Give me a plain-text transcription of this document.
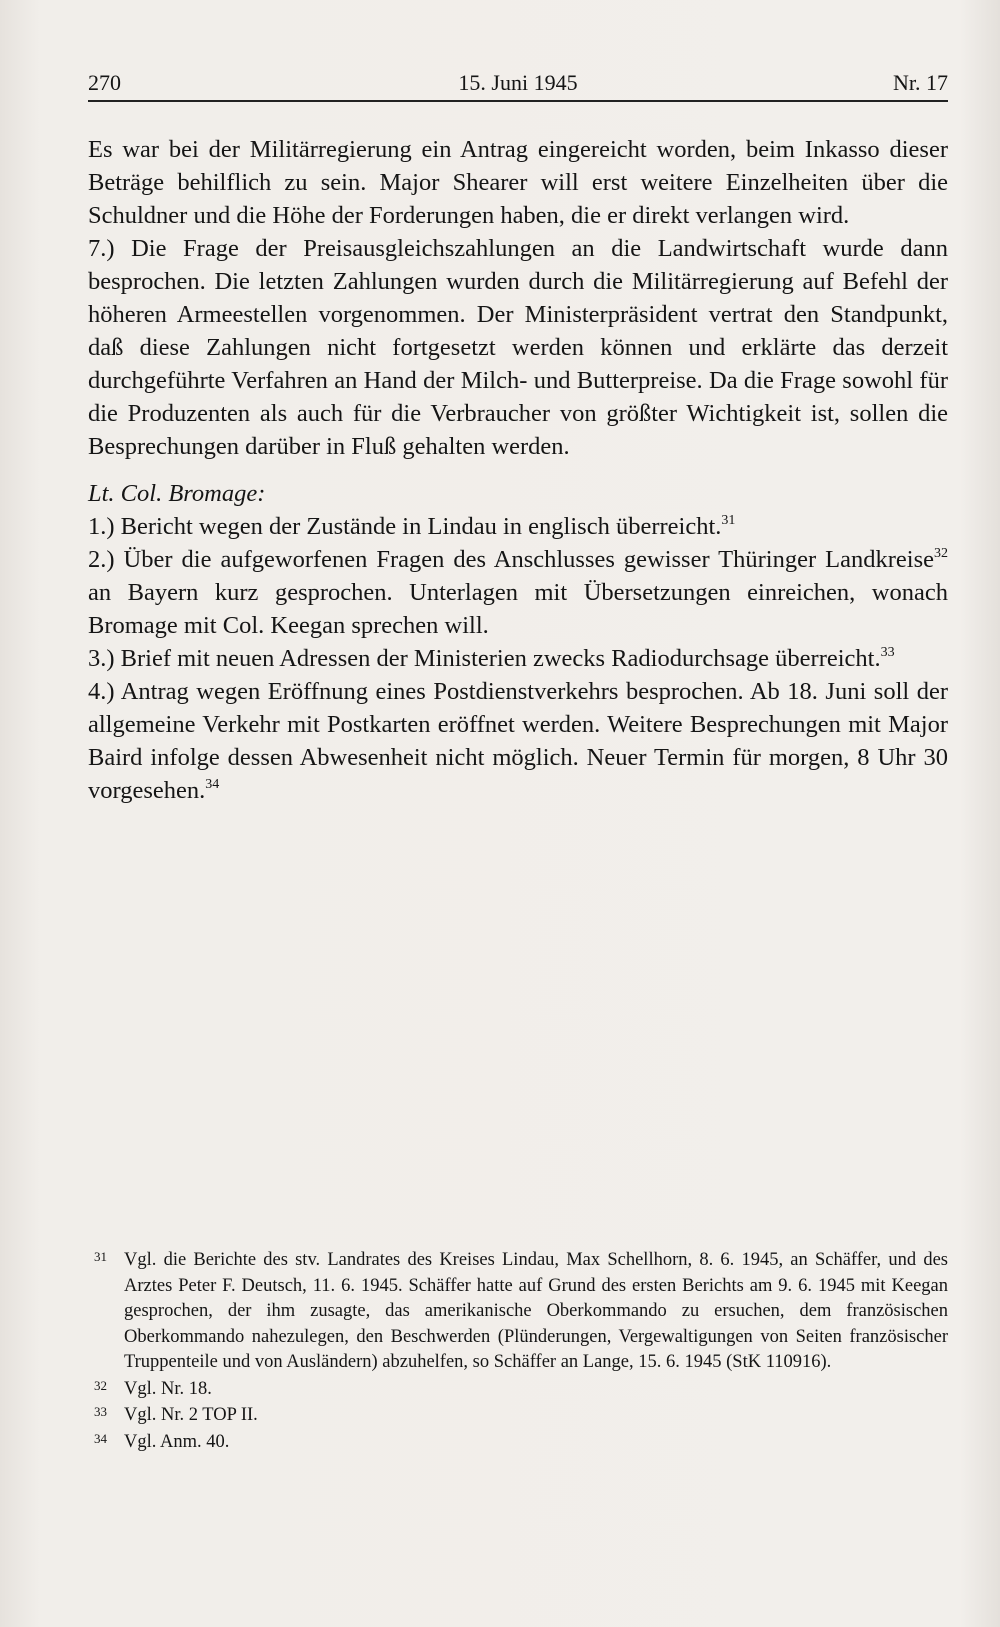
270	15. Juni 1945	Nr. 17

Es war bei der Militärregierung ein Antrag eingereicht worden, beim Inkasso dieser Beträge behilflich zu sein. Major Shearer will erst weitere Einzelheiten über die Schuldner und die Höhe der Forderungen haben, die er direkt verlangen wird.

7.) Die Frage der Preisausgleichszahlungen an die Landwirtschaft wurde dann besprochen. Die letzten Zahlungen wurden durch die Militärregierung auf Befehl der höheren Armeestellen vorgenommen. Der Ministerpräsident vertrat den Standpunkt, daß diese Zahlungen nicht fortgesetzt werden können und erklärte das derzeit durchgeführte Verfahren an Hand der Milch- und Butterpreise. Da die Frage sowohl für die Produzenten als auch für die Verbraucher von größter Wichtigkeit ist, sollen die Besprechungen darüber in Fluß gehalten werden.

Lt. Col. Bromage:

1.) Bericht wegen der Zustände in Lindau in englisch überreicht.$^{31}$

2.) Über die aufgeworfenen Fragen des Anschlusses gewisser Thüringer Landkreise$^{32}$ an Bayern kurz gesprochen. Unterlagen mit Übersetzungen einreichen, wonach Bromage mit Col. Keegan sprechen will.

3.) Brief mit neuen Adressen der Ministerien zwecks Radiodurchsage überreicht.$^{33}$

4.) Antrag wegen Eröffnung eines Postdienstverkehrs besprochen. Ab 18. Juni soll der allgemeine Verkehr mit Postkarten eröffnet werden. Weitere Besprechungen mit Major Baird infolge dessen Abwesenheit nicht möglich. Neuer Termin für morgen, 8 Uhr 30 vorgesehen.$^{34}$

31 Vgl. die Berichte des stv. Landrates des Kreises Lindau, Max Schellhorn, 8. 6. 1945, an Schäffer, und des Arztes Peter F. Deutsch, 11. 6. 1945. Schäffer hatte auf Grund des ersten Berichts am 9. 6. 1945 mit Keegan gesprochen, der ihm zusagte, das amerikanische Oberkommando zu ersuchen, dem französischen Oberkommando nahezulegen, den Beschwerden (Plünderungen, Vergewaltigungen von Seiten französischer Truppenteile und von Ausländern) abzuhelfen, so Schäffer an Lange, 15. 6. 1945 (StK 110916).

32 Vgl. Nr. 18.

33 Vgl. Nr. 2 TOP II.

34 Vgl. Anm. 40.
